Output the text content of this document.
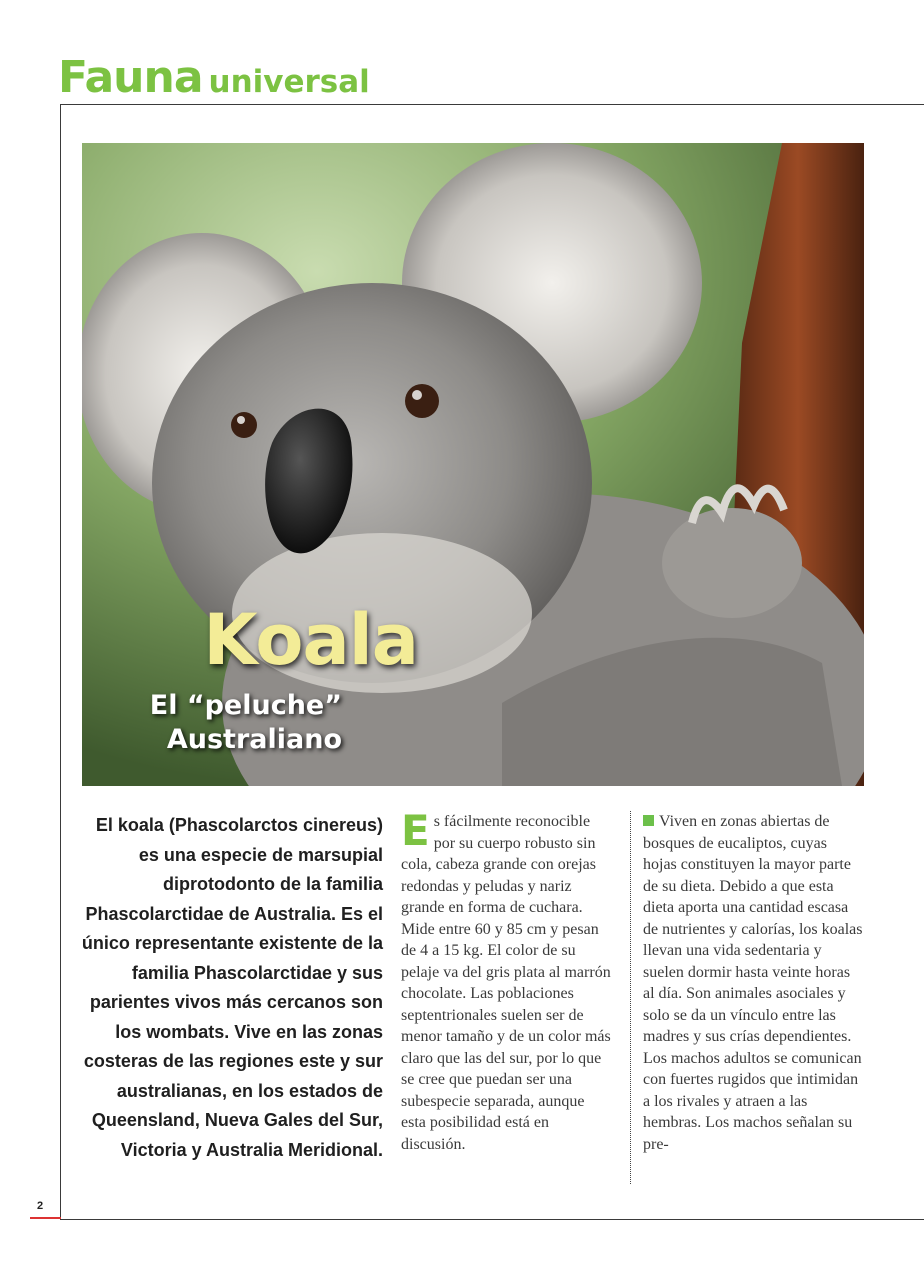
Fauna universal
Koala
El “peluche”
Australiano

El koala (Phascolarctos cinereus) es una especie de marsupial diprotodonto de la familia Phascolarctidae de Australia. Es el único representante existente de la familia Phascolarctidae y sus parientes vivos más cercanos son los wombats. Vive en las zonas costeras de las regiones este y sur australianas, en los estados de Queensland, Nueva Gales del Sur, Victoria y Australia Meridional.

Es fácilmente reconocible por su cuerpo robusto sin cola, cabeza grande con orejas redondas y peludas y nariz grande en forma de cuchara. Mide entre 60 y 85 cm y pesan de 4 a 15 kg. El color de su pelaje va del gris plata al marrón chocolate. Las poblaciones septentrionales suelen ser de menor tamaño y de un color más claro que las del sur, por lo que se cree que puedan ser una subespecie separada, aunque esta posibilidad está en discusión.

Viven en zonas abiertas de bosques de eucaliptos, cuyas hojas constituyen la mayor parte de su dieta. Debido a que esta dieta aporta una cantidad escasa de nutrientes y calorías, los koalas llevan una vida sedentaria y suelen dormir hasta veinte horas al día. Son animales asociales y solo se da un vínculo entre las madres y sus crías dependientes. Los machos adultos se comunican con fuertes rugidos que intimidan a los rivales y atraen a las hembras. Los machos señalan su pre-

2
